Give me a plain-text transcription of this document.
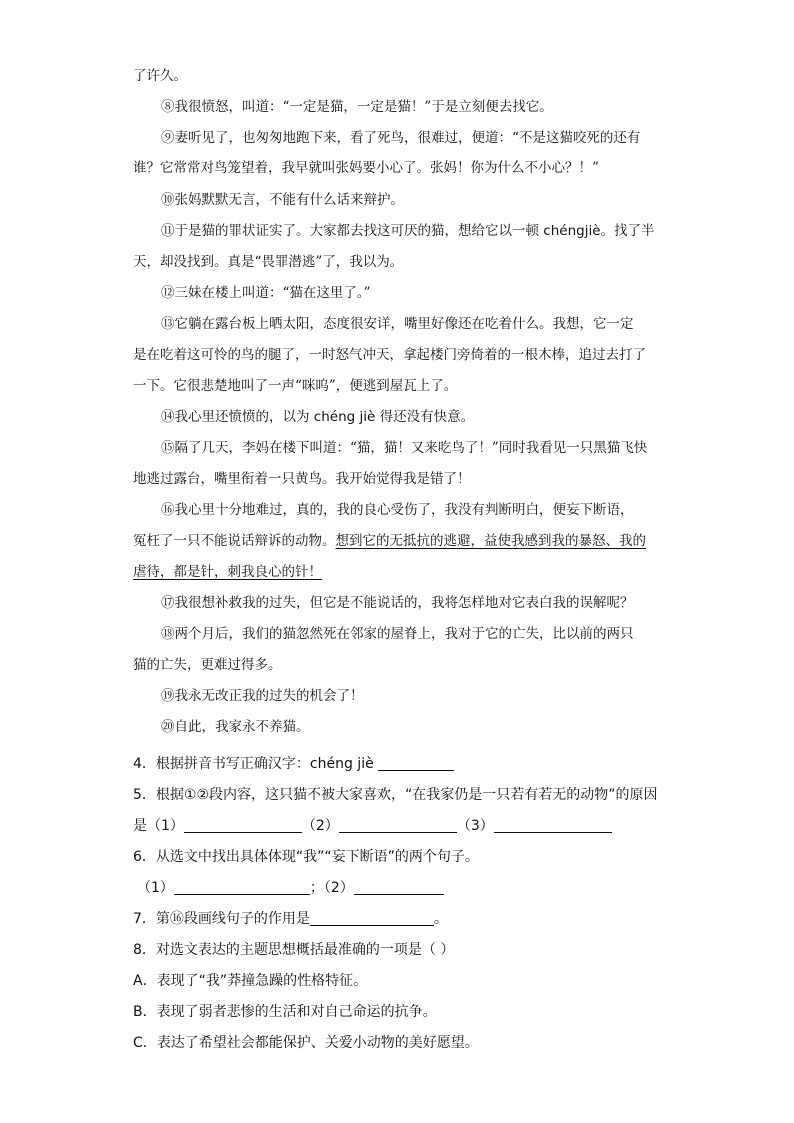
了许久。
⑧我很愤怒，叫道：“一定是猫，一定是猫！”于是立刻便去找它。
⑨妻听见了，也匆匆地跑下来，看了死鸟，很难过，便道：“不是这猫咬死的还有
谁？它常常对鸟笼望着，我早就叫张妈要小心了。张妈！你为什么不小心？！”
⑩张妈默默无言，不能有什么话来辩护。
⑪于是猫的罪状证实了。大家都去找这可厌的猫，想给它以一顿 chéngjiè。找了半
天，却没找到。真是“畏罪潜逃”了，我以为。
⑫三妹在楼上叫道：“猫在这里了。”
⑬它躺在露台板上晒太阳，态度很安详，嘴里好像还在吃着什么。我想，它一定
是在吃着这可怜的鸟的腿了，一时怒气冲天，拿起楼门旁倚着的一根木棒，追过去打了
一下。它很悲楚地叫了一声“咪呜”，便逃到屋瓦上了。
⑭我心里还愤愤的，以为 chéng jiè 得还没有快意。
⑮隔了几天，李妈在楼下叫道：“猫，猫！又来吃鸟了！”同时我看见一只黑猫飞快
地逃过露台，嘴里衔着一只黄鸟。我开始觉得我是错了！
⑯我心里十分地难过，真的，我的良心受伤了，我没有判断明白，便妄下断语，
冤枉了一只不能说话辩诉的动物。想到它的无抵抗的逃避，益使我感到我的暴怒、我的
虐待，都是针，刺我良心的针！
⑰我很想补救我的过失，但它是不能说话的，我将怎样地对它表白我的误解呢？
⑱两个月后，我们的猫忽然死在邻家的屋脊上，我对于它的亡失，比以前的两只
猫的亡失，更难过得多。
⑲我永无改正我的过失的机会了！
⑳自此，我家永不养猫。
4．根据拼音书写正确汉字：chéng jiè
5．根据①②段内容，这只猫不被大家喜欢，“在我家仍是一只若有若无的动物”的原因
是（1）	（2）	（3）
6．从选文中找出具体体现“我”“妄下断语”的两个句子。
（1）	；（2）
7．第⑯段画线句子的作用是	。
8．对选文表达的主题思想概括最准确的一项是（ ）
A．表现了“我”莽撞急躁的性格特征。
B．表现了弱者悲惨的生活和对自己命运的抗争。
C．表达了希望社会都能保护、关爱小动物的美好愿望。
